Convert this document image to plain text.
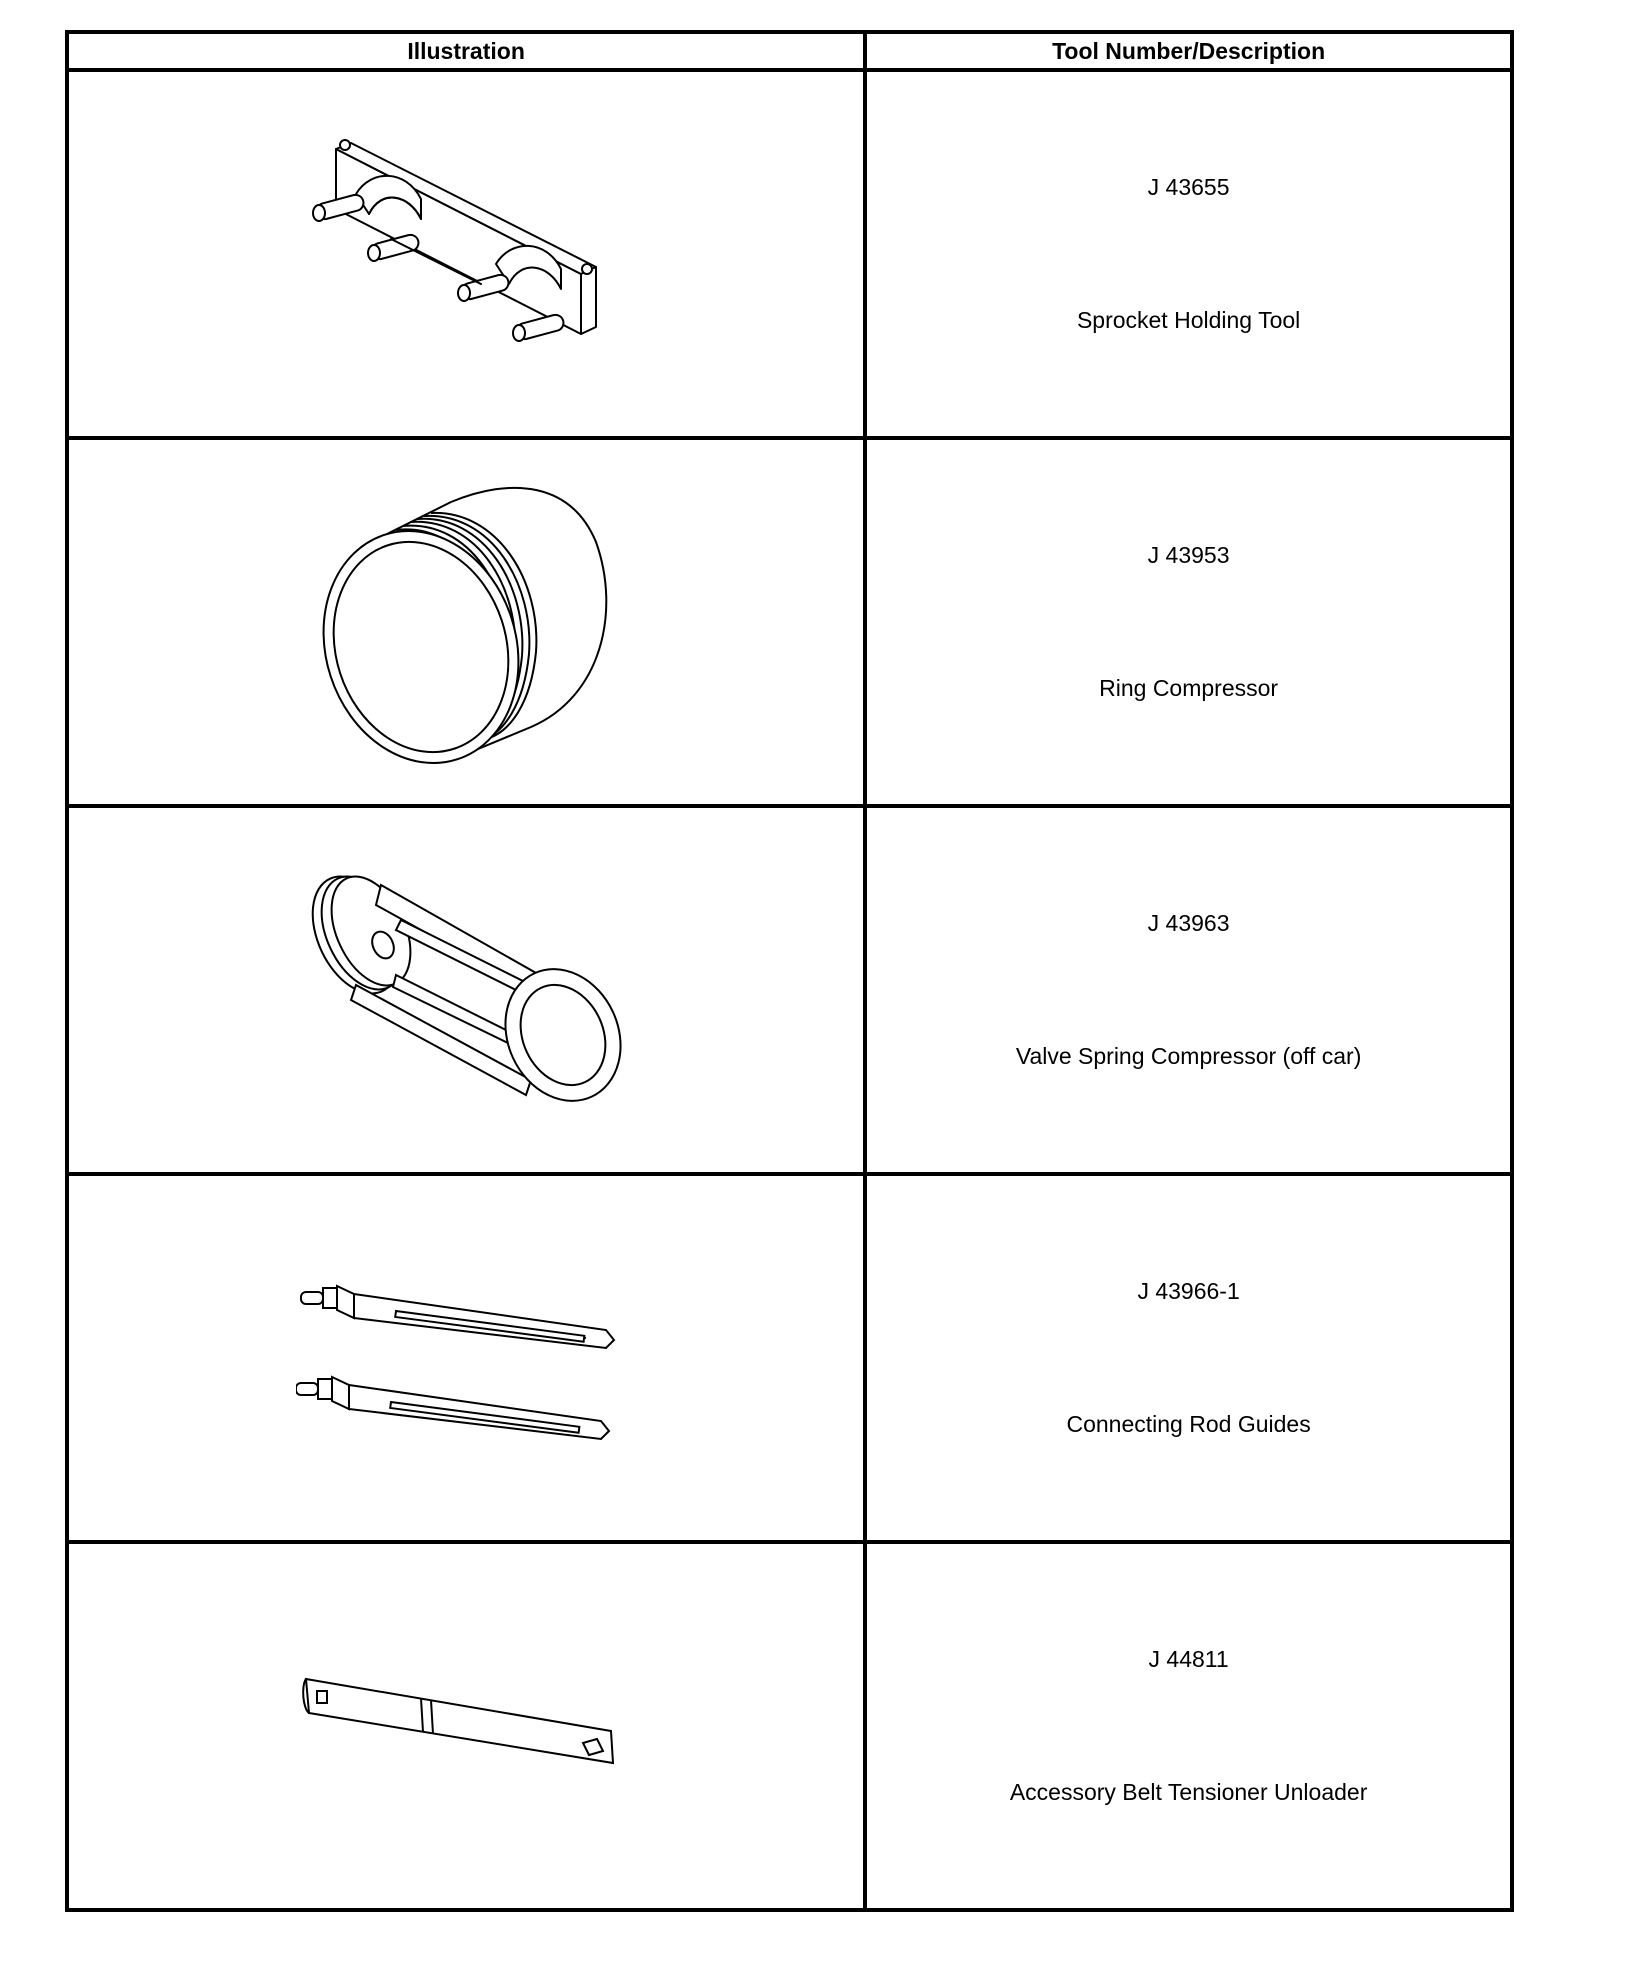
Illustration	Tool Number/Description

J 43655
Sprocket Holding Tool

J 43953
Ring Compressor

J 43963
Valve Spring Compressor (off car)

J 43966-1
Connecting Rod Guides

J 44811
Accessory Belt Tensioner Unloader
